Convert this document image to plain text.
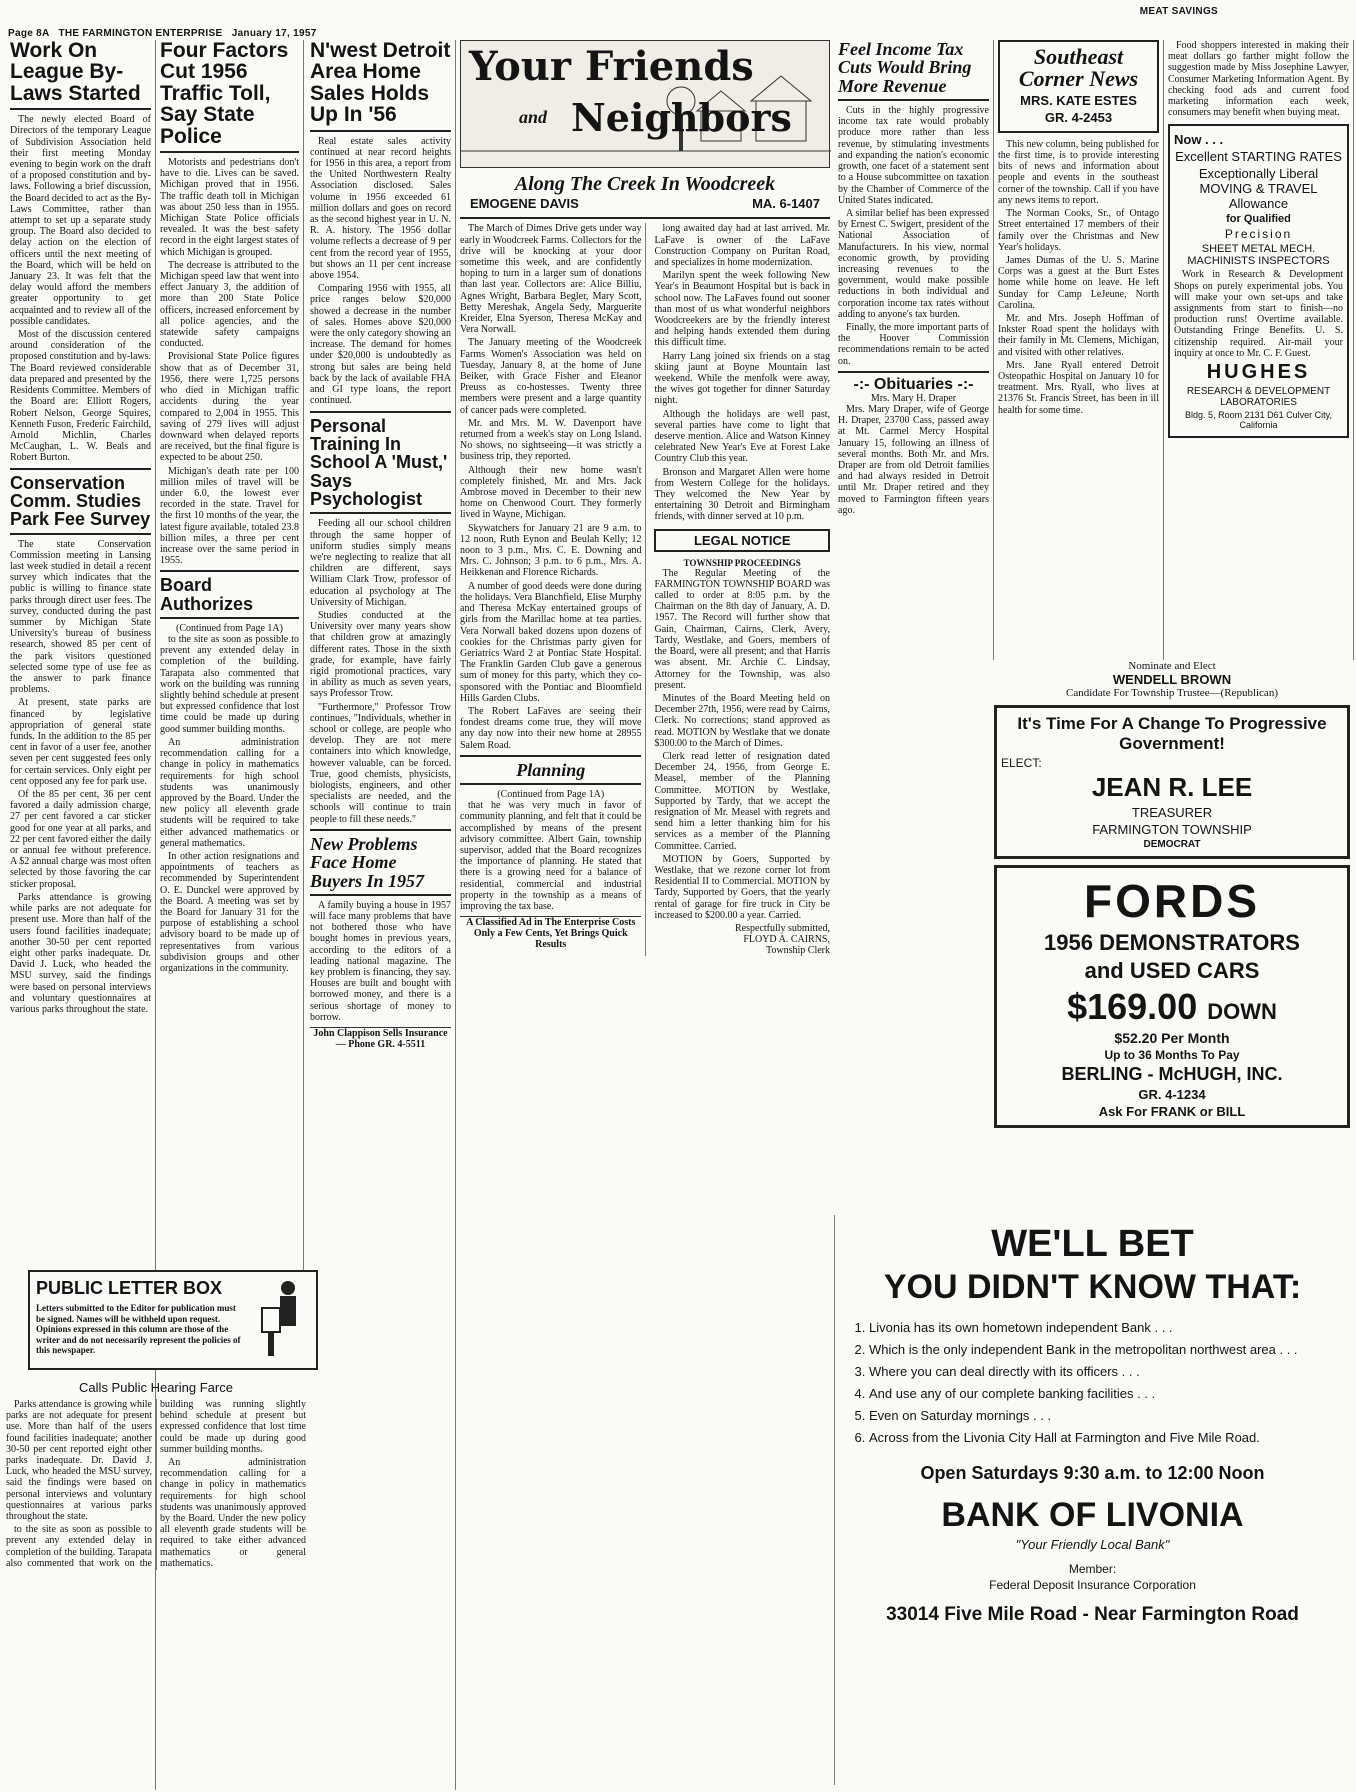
Page 8A THE FARMINGTON ENTERPRISE January 17, 1957
MEAT SAVINGS
Work On League By-Laws Started

The newly elected Board of Directors of the temporary League of Subdivision Association held their first meeting Monday evening to begin work on the draft of a proposed constitution and by-laws. Following a brief discussion, the Board decided to act as the By-Laws Committee, rather than attempt to set up a separate study group. The Board also decided to delay action on the election of officers until the next meeting of the Board, which will be held on January 23. It was felt that the delay would afford the members greater opportunity to get acquainted and to review all of the possible candidates.

Most of the discussion centered around consideration of the proposed constitution and by-laws. The Board reviewed considerable data prepared and presented by the Residents Committee. Members of the Board are: Elliott Rogers, Robert Nelson, George Squires, Kenneth Fuson, Frederic Fairchild, Arnold Michlin, Charles McCaughan, L. W. Beals and Robert Burton.

Conservation Comm. Studies Park Fee Survey

The state Conservation Commission meeting in Lansing last week studied in detail a recent survey which indicates that the public is willing to finance state parks through direct user fees. The survey, conducted during the past summer by Michigan State University's bureau of business research, showed 85 per cent of the park visitors questioned selected some type of use fee as the answer to park finance problems.

At present, state parks are financed by legislative appropriation of general state funds. In the addition to the 85 per cent in favor of a user fee, another seven per cent suggested fees only for certain services. Only eight per cent opposed any fee for park use.

Of the 85 per cent, 36 per cent favored a daily admission charge, 27 per cent favored a car sticker good for one year at all parks, and 22 per cent favored either the daily or annual fee without preference. A $2 annual charge was most often selected by those favoring the car sticker proposal.

Parks attendance is growing while parks are not adequate for present use. More than half of the users found facilities inadequate; another 30-50 per cent reported eight other parks inadequate. Dr. David J. Luck, who headed the MSU survey, said the findings were based on personal interviews and voluntary questionnaires at various parks throughout the state.

PUBLIC LETTER BOX
Letters submitted to the Editor for publication must be signed. Names will be withheld upon request. Opinions expressed in this column are those of the writer and do not necessarily represent the policies of this newspaper.
Four Factors Cut 1956 Traffic Toll, Say State Police

Motorists and pedestrians don't have to die. Lives can be saved. Michigan proved that in 1956. The traffic death toll in Michigan was about 250 less than in 1955. Michigan State Police officials revealed. It was the best safety record in the eight largest states of which Michigan is grouped.

The decrease is attributed to the Michigan speed law that went into effect January 3, the addition of more than 200 State Police officers, increased enforcement by all police agencies, and the statewide safety campaigns conducted.

Provisional State Police figures show that as of December 31, 1956, there were 1,725 persons who died in Michigan traffic accidents during the year compared to 2,004 in 1955. This saving of 279 lives will adjust downward when delayed reports are received, but the final figure is expected to be about 250.

Michigan's death rate per 100 million miles of travel will be under 6.0, the lowest ever recorded in the state. Travel for the first 10 months of the year, the latest figure available, totaled 23.8 billion miles, a three per cent increase over the same period in 1955.

Board Authorizes
(Continued from Page 1A)

to the site as soon as possible to prevent any extended delay in completion of the building. Tarapata also commented that work on the building was running slightly behind schedule at present but expressed confidence that lost time could be made up during good summer building months.

An administration recommendation calling for a change in policy in mathematics requirements for high school students was unanimously approved by the Board. Under the new policy all eleventh grade students will be required to take either advanced mathematics or general mathematics.

In other action resignations and appointments of teachers as recommended by Superintendent O. E. Dunckel were approved by the Board. A meeting was set by the Board for January 31 for the purpose of establishing a school advisory board to be made up of representatives from various subdivision groups and other organizations in the community.

Calls Public Hearing Farce

Parks attendance is growing while parks are not adequate for present use. More than half of the users found facilities inadequate; another 30-50 per cent reported eight other parks inadequate. Dr. David J. Luck, who headed the MSU survey, said the findings were based on personal interviews and voluntary questionnaires at various parks throughout the state.

to the site as soon as possible to prevent any extended delay in completion of the building. Tarapata also commented that work on the building was running slightly behind schedule at present but expressed confidence that lost time could be made up during good summer building months.

An administration recommendation calling for a change in policy in mathematics requirements for high school students was unanimously approved by the Board. Under the new policy all eleventh grade students will be required to take either advanced mathematics or general mathematics.

N'west Detroit Area Home Sales Holds Up In '56

Real estate sales activity continued at near record heights for 1956 in this area, a report from the United Northwestern Realty Association disclosed. Sales volume in 1956 exceeded 61 million dollars and goes on record as the second highest year in U. N. R. A. history. The 1956 dollar volume reflects a decrease of 9 per cent from the record year of 1955, but shows an 11 per cent increase above 1954.

Comparing 1956 with 1955, all price ranges below $20,000 showed a decrease in the number of sales. Homes above $20,000 were the only category showing an increase. The demand for homes under $20,000 is undoubtedly as strong but sales are being held back by the lack of available FHA and GI type loans, the report continued.

Personal Training In School A 'Must,' Says Psychologist

Feeding all our school children through the same hopper of uniform studies simply means we're neglecting to realize that all children are different, says William Clark Trow, professor of education al psychology at The University of Michigan.

Studies conducted at the University over many years show that children grow at amazingly different rates. Those in the sixth grade, for example, have fairly rigid promotional practices, vary in ability as much as seven years, says Professor Trow.

"Furthermore," Professor Trow continues, "Individuals, whether in school or college, are people who develop. They are not mere containers into which knowledge, however valuable, can be forced. True, good chemists, physicists, biologists, engineers, and other specialists are needed, and the schools will continue to train people to fill these needs."

New Problems Face Home Buyers In 1957

A family buying a house in 1957 will face many problems that have not bothered those who have bought homes in previous years, according to the editors of a leading national magazine. The key problem is financing, they say. Houses are built and bought with borrowed money, and there is a serious shortage of money to borrow.

John Clappison Sells Insurance — Phone GR. 4-5511
Your Friends
and Neighbors
Along The Creek In Woodcreek
EMOGENE DAVIS	MA. 6-1407

The March of Dimes Drive gets under way early in Woodcreek Farms. Collectors for the drive will be knocking at your door sometime this week, and are confidently hoping to turn in a larger sum of donations than last year. Collectors are: Alice Billiu, Agnes Wright, Barbara Begler, Mary Scott, Betty Mereshak, Angela Sedy, Marguerite Kreider, Elna Syerson, Theresa McKay and Vera Norwall.

The January meeting of the Woodcreek Farms Women's Association was held on Tuesday, January 8, at the home of June Beiker, with Grace Fisher and Eleanor Preuss as co-hostesses. Twenty three members were present and a large quantity of cancer pads were completed.

Mr. and Mrs. M. W. Davenport have returned from a week's stay on Long Island. No shows, no sightseeing—it was strictly a business trip, they reported.

Although their new home wasn't completely finished, Mr. and Mrs. Jack Ambrose moved in December to their new home on Chenwood Court. They formerly lived in Wayne, Michigan.

Skywatchers for January 21 are 9 a.m. to 12 noon, Ruth Eynon and Beulah Kelly; 12 noon to 3 p.m., Mrs. C. E. Downing and Mrs. C. Johnson; 3 p.m. to 6 p.m., Mrs. A. Heikkenan and Florence Richards.

A number of good deeds were done during the holidays. Vera Blanchfield, Elise Murphy and Theresa McKay entertained groups of girls from the Marillac home at tea parties. Vera Norwall baked dozens upon dozens of cookies for the Christmas party given for Geriatrics Ward 2 at Pontiac State Hospital. The Franklin Garden Club gave a generous sum of money for this party, which they co-sponsored with the Pontiac and Bloomfield Hills Garden Clubs.

The Robert LaFaves are seeing their fondest dreams come true, they will move any day now into their new home at 28955 Salem Road.

Planning
(Continued from Page 1A)

that he was very much in favor of community planning, and felt that it could be accomplished by means of the present advisory committee. Albert Gain, township supervisor, added that the Board recognizes the importance of planning. He stated that there is a growing need for a balance of residential, commercial and industrial property in the township as a means of improving the tax base.

A Classified Ad in The Enterprise Costs Only a Few Cents, Yet Brings Quick Results

long awaited day had at last arrived. Mr. LaFave is owner of the LaFave Construction Company on Puritan Road, and specializes in home modernization.

Marilyn spent the week following New Year's in Beaumont Hospital but is back in school now. The LaFaves found out sooner than most of us what wonderful neighbors Woodcreekers are by the friendly interest and helping hands extended them during this difficult time.

Harry Lang joined six friends on a stag skiing jaunt at Boyne Mountain last weekend. While the menfolk were away, the wives got together for dinner Saturday night.

Although the holidays are well past, several parties have come to light that deserve mention. Alice and Watson Kinney celebrated New Year's Eve at Forest Lake Country Club this year.

Bronson and Margaret Allen were home from Western College for the holidays. They welcomed the New Year by entertaining 30 Detroit and Birmingham friends, with dinner served at 10 p.m.

LEGAL NOTICE
TOWNSHIP PROCEEDINGS

The Regular Meeting of the FARMINGTON TOWNSHIP BOARD was called to order at 8:05 p.m. by the Chairman on the 8th day of January, A. D. 1957. The Record will further show that Gain, Chairman, Cairns, Clerk, Avery, Tardy, Westlake, and Goers, members of the Board, were all present; and that Harris was absent. Mr. Archie C. Lindsay, Attorney for the Township, was also present.

Minutes of the Board Meeting held on December 27th, 1956, were read by Cairns, Clerk. No corrections; stand approved as read. MOTION by Westlake that we donate $300.00 to the March of Dimes.

Clerk read letter of resignation dated December 24, 1956, from George E. Measel, member of the Planning Committee. MOTION by Westlake, Supported by Tardy, that we accept the resignation of Mr. Measel with regrets and send him a letter thanking him for his services as a member of the Planning Committee. Carried.

MOTION by Goers, Supported by Westlake, that we rezone corner lot from Residential II to Commercial. MOTION by Tardy, Supported by Goers, that the yearly rental of garage for fire truck in City be increased to $200.00 a year. Carried.

Respectfully submitted,
FLOYD A. CAIRNS,
Township Clerk
Feel Income Tax Cuts Would Bring More Revenue

Cuts in the highly progressive income tax rate would probably produce more rather than less revenue, by stimulating investments and expanding the nation's economic growth, one facet of a statement sent to a House subcommittee on taxation by the Chamber of Commerce of the United States indicated.

A similar belief has been expressed by Ernest C. Swigert, president of the National Association of Manufacturers. In his view, normal economic growth, by providing increasing revenues to the government, would make possible reductions in both individual and corporation income tax rates without adding to anyone's tax burden.

Finally, the more important parts of the Hoover Commission recommendations remain to be acted on.

-:- Obituaries -:-
Mrs. Mary H. Draper

Mrs. Mary Draper, wife of George H. Draper, 23700 Cass, passed away at Mt. Carmel Mercy Hospital January 15, following an illness of several months. Both Mr. and Mrs. Draper are from old Detroit families and had always resided in Detroit until Mr. Draper retired and they moved to Farmington fifteen years ago.

Southeast Corner News
MRS. KATE ESTES
GR. 4-2453

This new column, being published for the first time, is to provide interesting bits of news and information about people and events in the southeast corner of the township. Call if you have any news items to report.

The Norman Cooks, Sr., of Ontago Street entertained 17 members of their family over the Christmas and New Year's holidays.

James Dumas of the U. S. Marine Corps was a guest at the Burt Estes home while home on leave. He left Sunday for Camp LeJeune, North Carolina.

Mr. and Mrs. Joseph Hoffman of Inkster Road spent the holidays with their family in Mt. Clemens, Michigan, and visited with other relatives.

Mrs. Jane Ryall entered Detroit Osteopathic Hospital on January 10 for treatment. Mrs. Ryall, who lives at 21376 St. Francis Street, has been in ill health for some time.

Food shoppers interested in making their meat dollars go farther might follow the suggestion made by Miss Josephine Lawyer, Consumer Marketing Information Agent. By checking food ads and current food marketing information each week, consumers may benefit when buying meat.

Now . . .
Excellent STARTING RATES
Exceptionally Liberal MOVING & TRAVEL Allowance
for Qualified
Precision
SHEET METAL MECH. MACHINISTS INSPECTORS

Work in Research & Development Shops on purely experimental jobs. You will make your own set-ups and take assignments from start to finish—no production runs! Overtime available. Outstanding Fringe Benefits. U. S. citizenship required. Air-mail your inquiry at once to Mr. C. F. Guest.

HUGHES
RESEARCH & DEVELOPMENT LABORATORIES
Bldg. 5, Room 2131 D61 Culver City, California
Nominate and Elect
WENDELL BROWN
Candidate For Township Trustee—(Republican)
It's Time For A Change To Progressive Government!
ELECT:
JEAN R. LEE
TREASURER
FARMINGTON TOWNSHIP
DEMOCRAT
FORDS
1956 DEMONSTRATORS
and USED CARS
$169.00 DOWN
$52.20 Per Month
Up to 36 Months To Pay
BERLING - McHUGH, INC.
GR. 4-1234
Ask For FRANK or BILL
WE'LL BET
YOU DIDN'T KNOW THAT:
1. Livonia has its own hometown independent Bank . . .
2. Which is the only independent Bank in the metropolitan northwest area . . .
3. Where you can deal directly with its officers . . .
4. And use any of our complete banking facilities . . .
5. Even on Saturday mornings . . .
6. Across from the Livonia City Hall at Farmington and Five Mile Road.
Open Saturdays 9:30 a.m. to 12:00 Noon
BANK OF LIVONIA
"Your Friendly Local Bank"
Member:
Federal Deposit Insurance Corporation
33014 Five Mile Road - Near Farmington Road
